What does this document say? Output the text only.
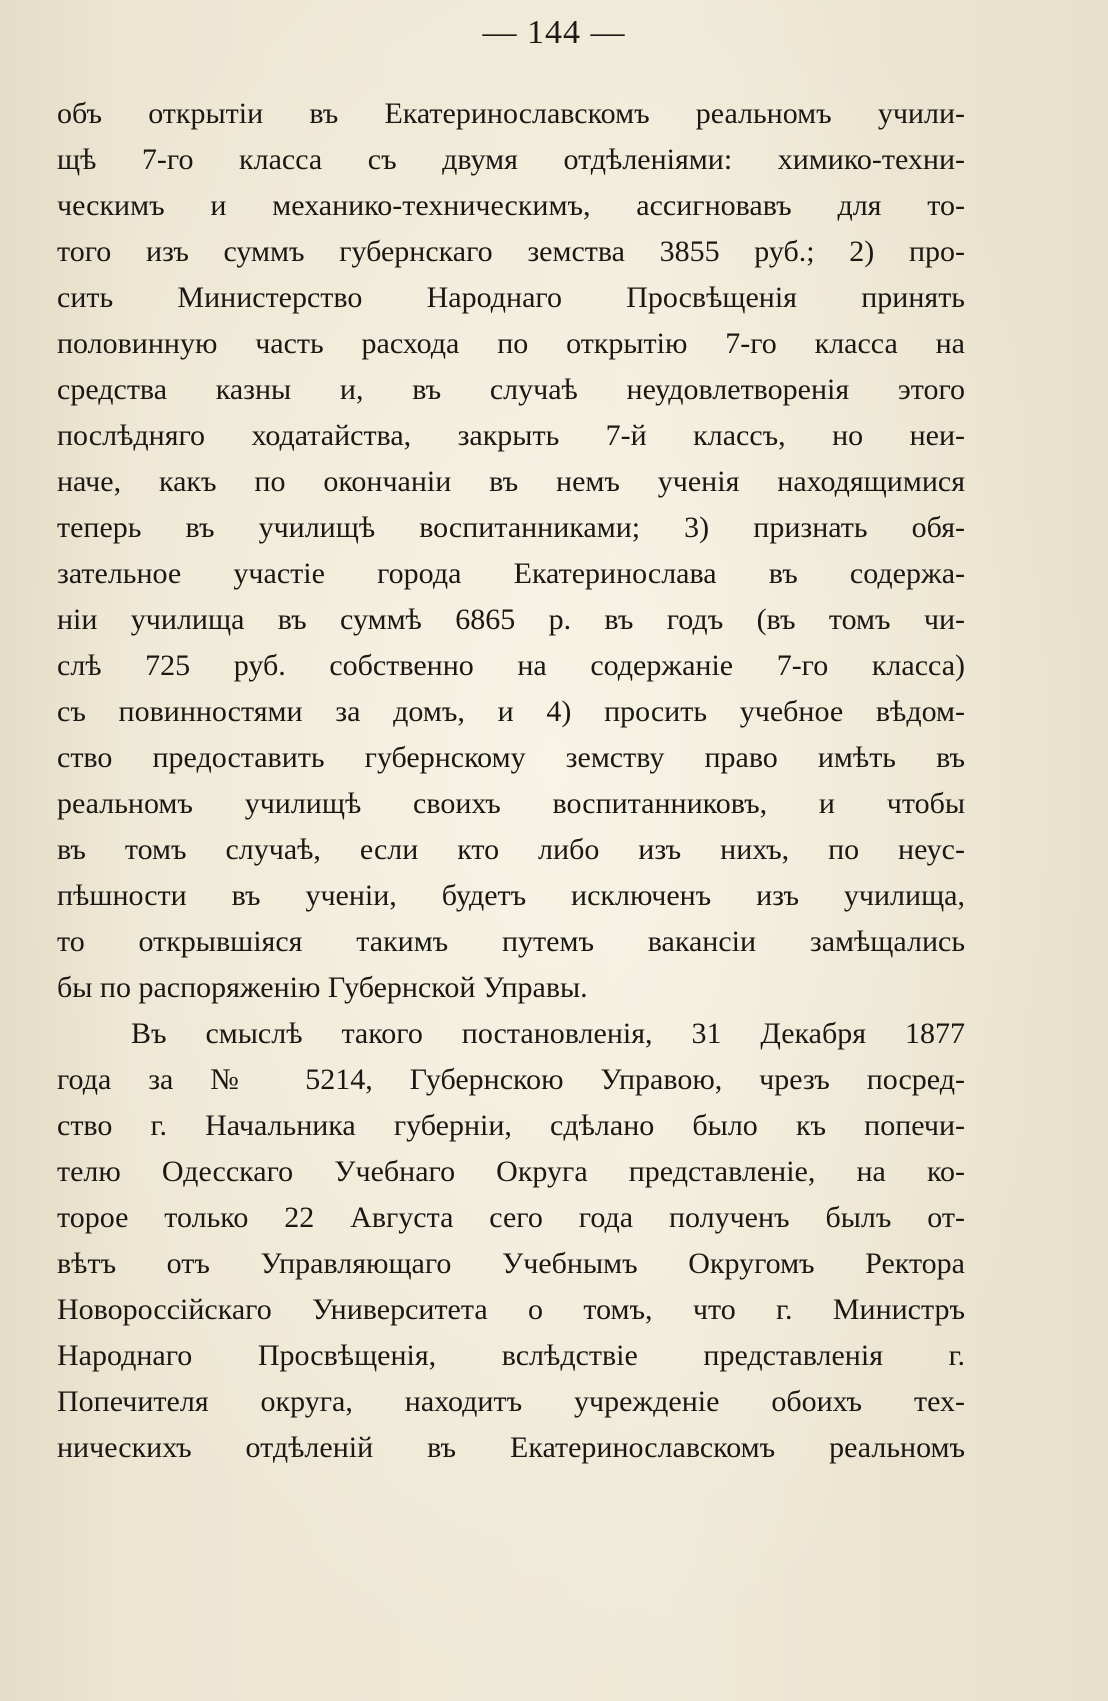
— 144 —
объ открытіи въ Екатеринославскомъ реальномъ учили-
щѣ 7-го класса съ двумя отдѣленіями: химико-техни-
ческимъ и механико-техническимъ, ассигновавъ для то-
того изъ суммъ губернскаго земства 3855 руб.; 2) про-
сить Министерство Народнаго Просвѣщенія принять
половинную часть расхода по открытію 7-го класса на
средства казны и, въ случаѣ неудовлетворенія этого
послѣдняго ходатайства, закрыть 7-й классъ, но неи-
наче, какъ по окончаніи въ немъ ученія находящимися
теперь въ училищѣ воспитанниками; 3) признать обя-
зательное участіе города Екатеринослава въ содержа-
ніи училища въ суммѣ 6865 р. въ годъ (въ томъ чи-
слѣ 725 руб. собственно на содержаніе 7-го класса)
съ повинностями за домъ, и 4) просить учебное вѣдом-
ство предоставить губернскому земству право имѣть въ
реальномъ училищѣ своихъ воспитанниковъ, и чтобы
въ томъ случаѣ, если кто либо изъ нихъ, по неус-
пѣшности въ ученіи, будетъ исключенъ изъ училища,
то открывшіяся такимъ путемъ вакансіи замѣщались
бы по распоряженію Губернской Управы.
Въ смыслѣ такого постановленія, 31 Декабря 1877
года за № 5214, Губернскою Управою, чрезъ посред-
ство г. Начальника губерніи, сдѣлано было къ попечи-
телю Одесскаго Учебнаго Округа представленіе, на ко-
торое только 22 Августа сего года полученъ былъ от-
вѣтъ отъ Управляющаго Учебнымъ Округомъ Ректора
Новороссійскаго Университета о томъ, что г. Министръ
Народнаго Просвѣщенія, вслѣдствіе представленія г.
Попечителя округа, находитъ учрежденіе обоихъ тех-
ническихъ отдѣленій въ Екатеринославскомъ реальномъ
